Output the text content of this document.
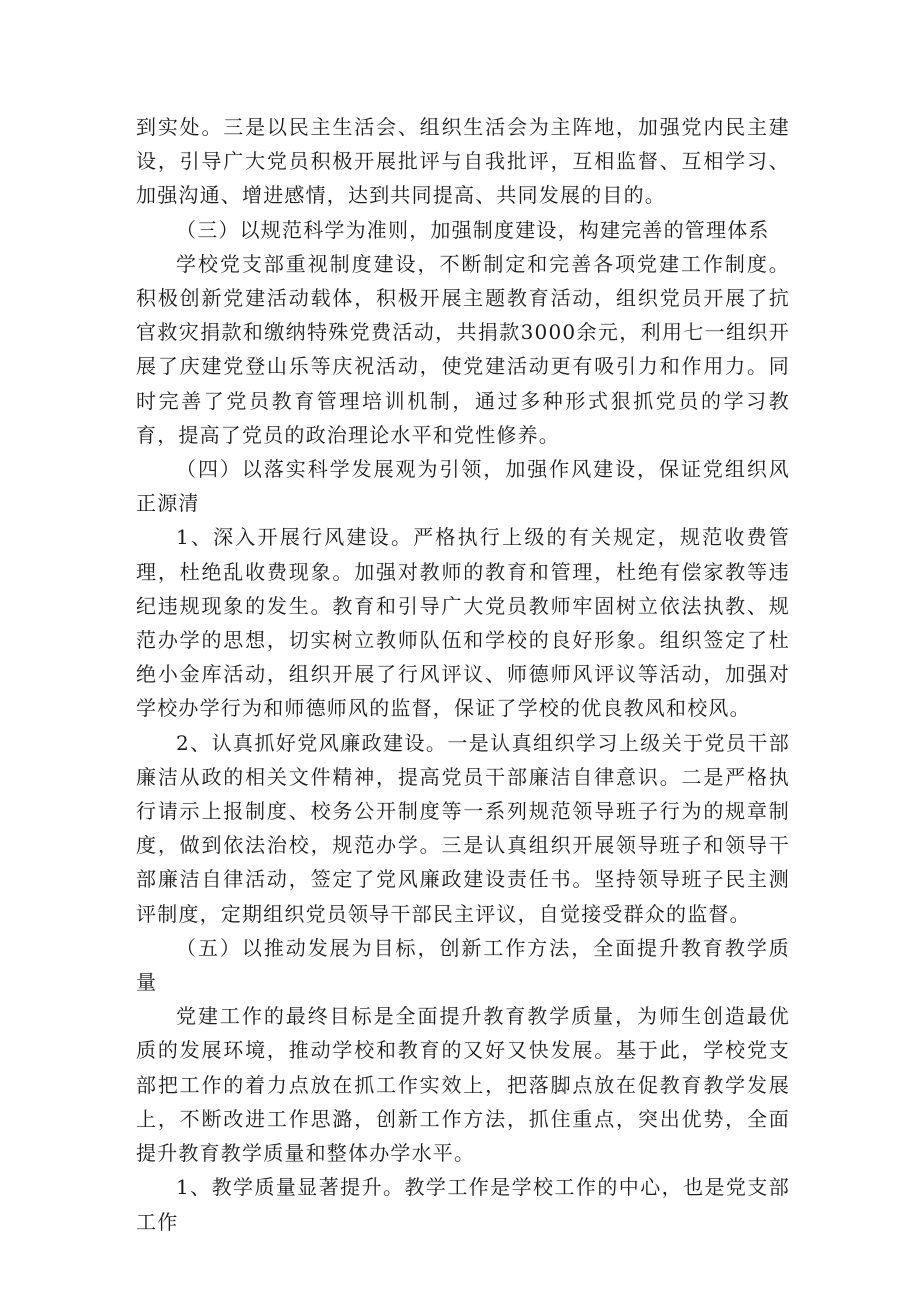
到实处。三是以民主生活会、组织生活会为主阵地，加强党内民主建设，引导广大党员积极开展批评与自我批评，互相监督、互相学习、加强沟通、增进感情，达到共同提高、共同发展的目的。

（三）以规范科学为准则，加强制度建设，构建完善的管理体系

学校党支部重视制度建设，不断制定和完善各项党建工作制度。积极创新党建活动载体，积极开展主题教育活动，组织党员开展了抗官救灾捐款和缴纳特殊党费活动，共捐款3000余元，利用七一组织开展了庆建党登山乐等庆祝活动，使党建活动更有吸引力和作用力。同时完善了党员教育管理培训机制，通过多种形式狠抓党员的学习教育，提高了党员的政治理论水平和党性修养。

（四）以落实科学发展观为引领，加强作风建设，保证党组织风正源清

1、深入开展行风建设。严格执行上级的有关规定，规范收费管理，杜绝乱收费现象。加强对教师的教育和管理，杜绝有偿家教等违纪违规现象的发生。教育和引导广大党员教师牢固树立依法执教、规范办学的思想，切实树立教师队伍和学校的良好形象。组织签定了杜绝小金库活动，组织开展了行风评议、师德师风评议等活动，加强对学校办学行为和师德师风的监督，保证了学校的优良教风和校风。

2、认真抓好党风廉政建设。一是认真组织学习上级关于党员干部廉洁从政的相关文件精神，提高党员干部廉洁自律意识。二是严格执行请示上报制度、校务公开制度等一系列规范领导班子行为的规章制度，做到依法治校，规范办学。三是认真组织开展领导班子和领导干部廉洁自律活动，签定了党风廉政建设责任书。坚持领导班子民主测评制度，定期组织党员领导干部民主评议，自觉接受群众的监督。

（五）以推动发展为目标，创新工作方法，全面提升教育教学质量

党建工作的最终目标是全面提升教育教学质量，为师生创造最优质的发展环境，推动学校和教育的又好又快发展。基于此，学校党支部把工作的着力点放在抓工作实效上，把落脚点放在促教育教学发展上，不断改进工作思潞，创新工作方法，抓住重点，突出优势，全面提升教育教学质量和整体办学水平。

1、教学质量显著提升。教学工作是学校工作的中心，也是党支部工作
